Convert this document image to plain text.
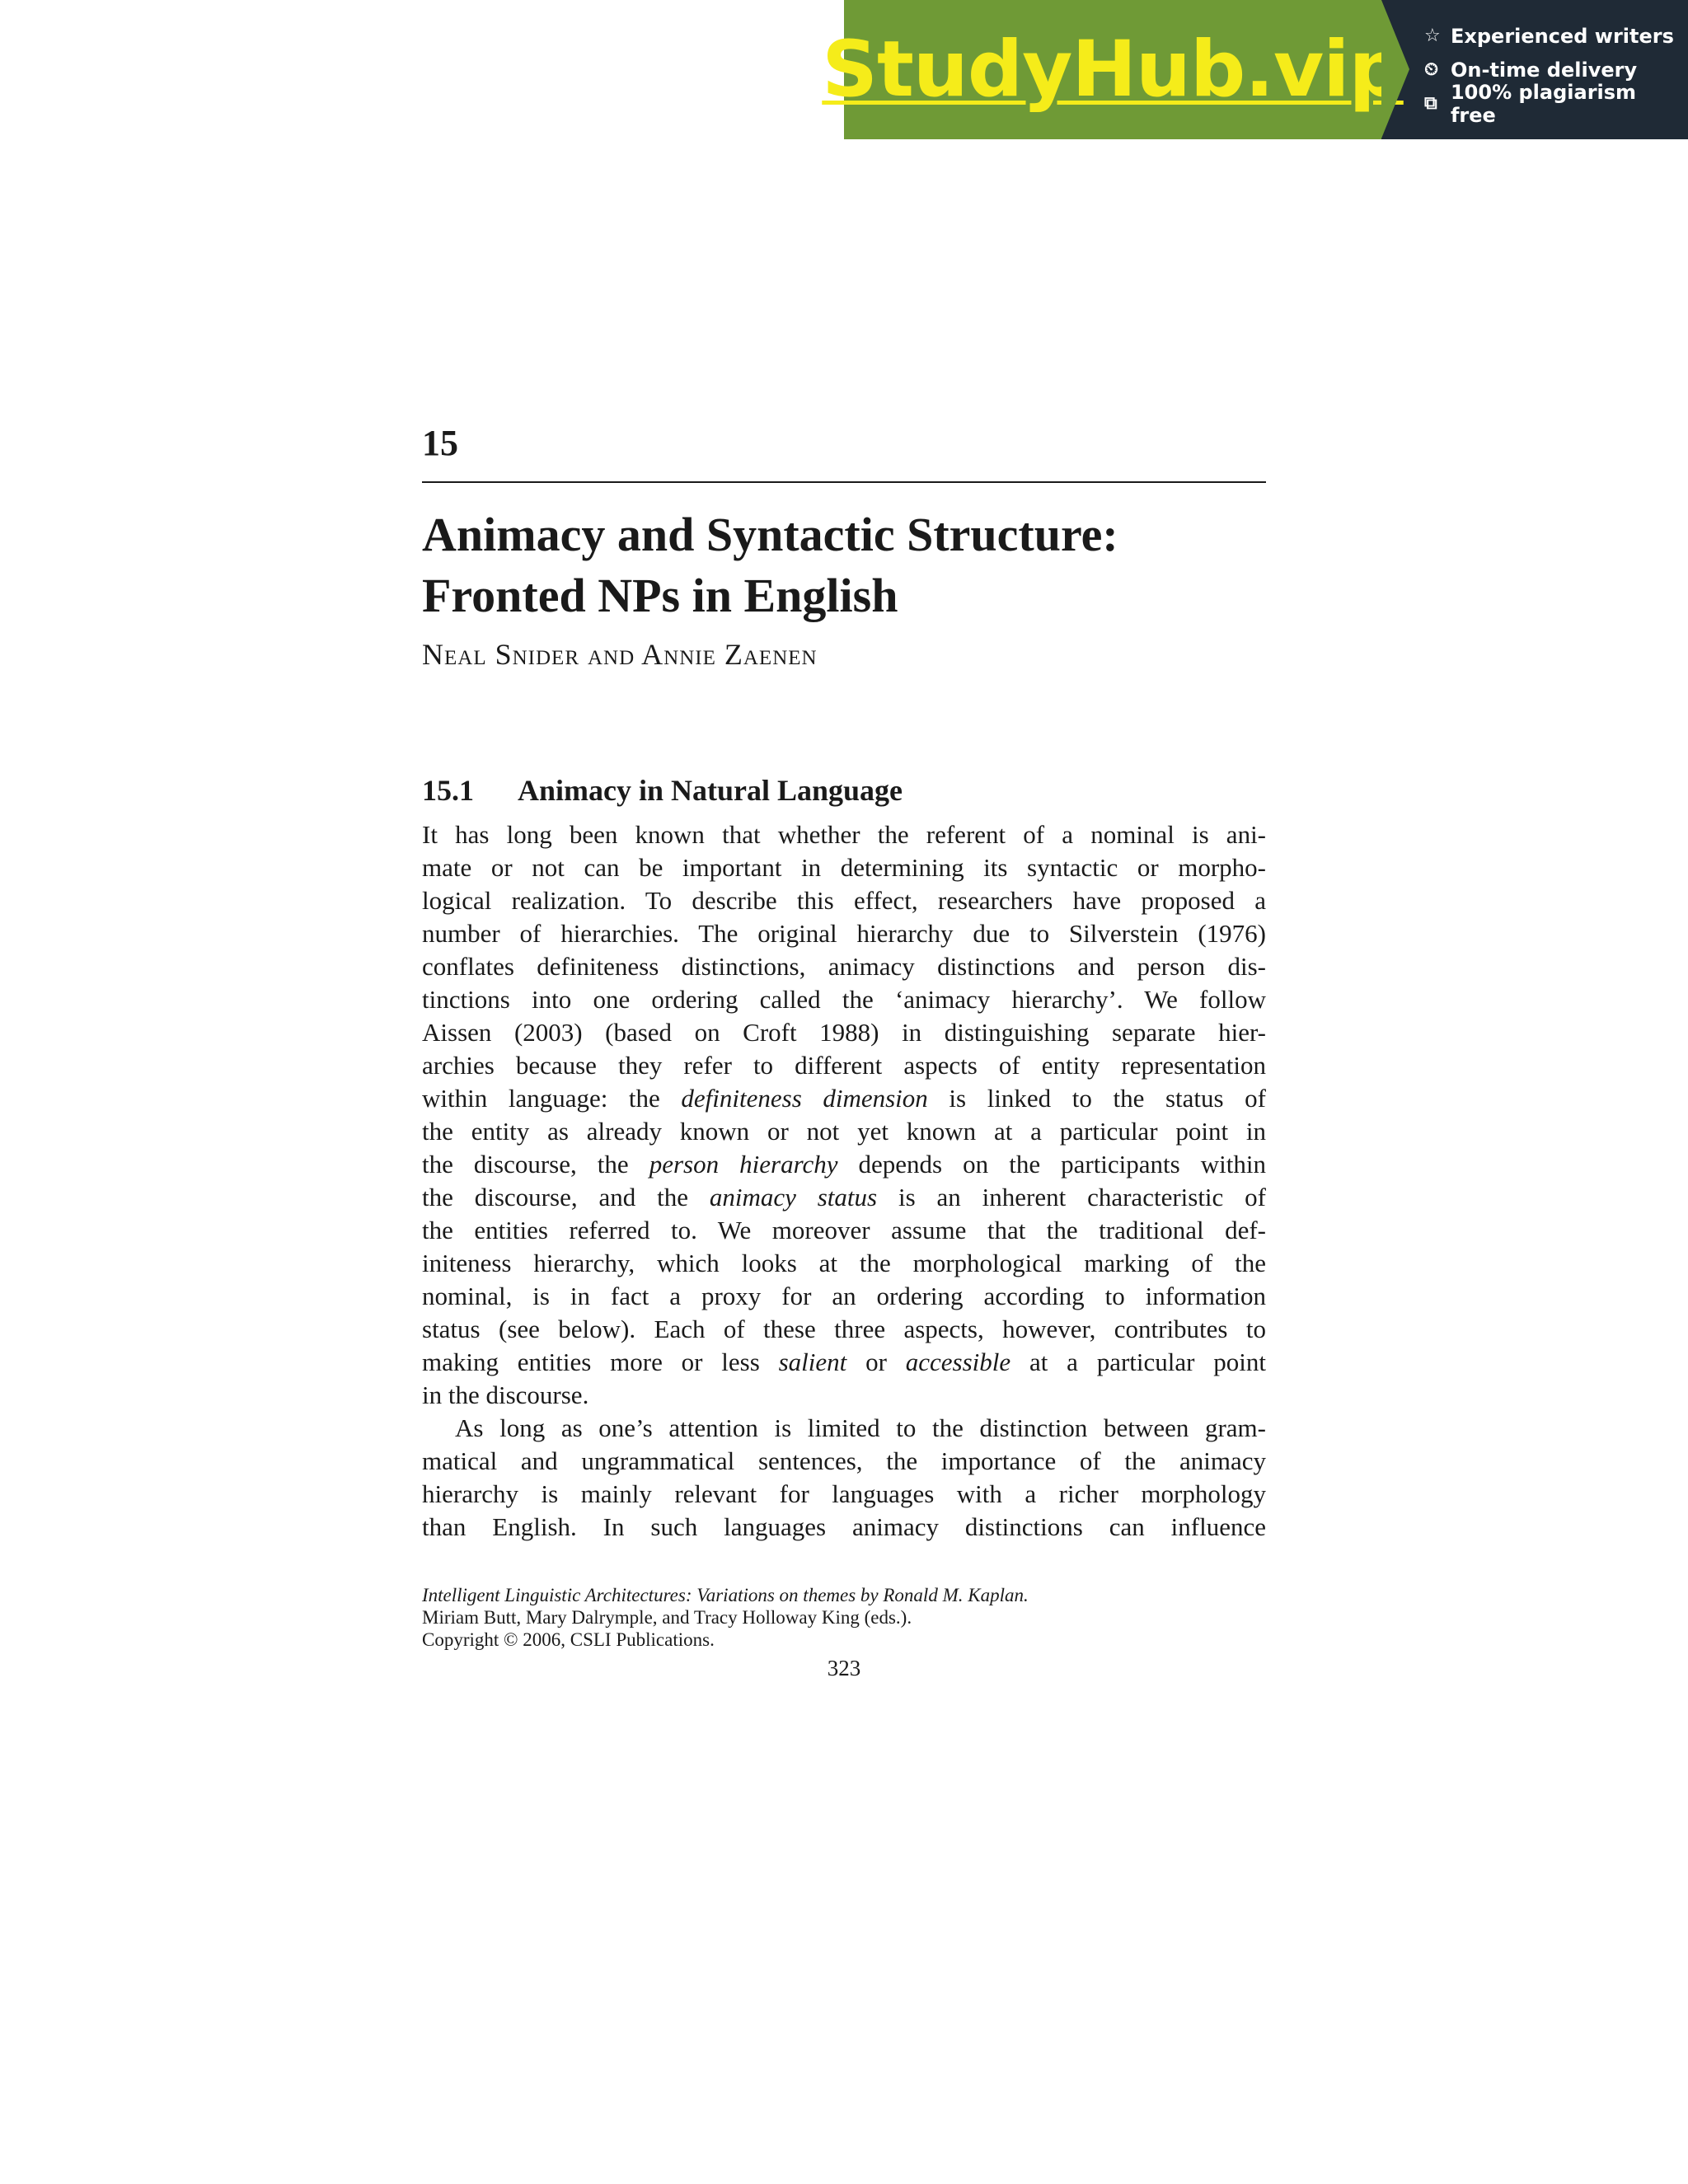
StudyHub.vip ☆ Experienced writers
⏲ On-time delivery
⧉ 100% plagiarism free
15
Animacy and Syntactic Structure:
Fronted NPs in English
Neal Snider and Annie Zaenen
15.1 Animacy in Natural Language
It has long been known that whether the referent of a nominal is ani-
mate or not can be important in determining its syntactic or morpho-
logical realization. To describe this effect, researchers have proposed a
number of hierarchies. The original hierarchy due to Silverstein (1976)
conflates definiteness distinctions, animacy distinctions and person dis-
tinctions into one ordering called the ‘animacy hierarchy’. We follow
Aissen (2003) (based on Croft 1988) in distinguishing separate hier-
archies because they refer to different aspects of entity representation
within language: the definiteness dimension is linked to the status of
the entity as already known or not yet known at a particular point in
the discourse, the person hierarchy depends on the participants within
the discourse, and the animacy status is an inherent characteristic of
the entities referred to. We moreover assume that the traditional def-
initeness hierarchy, which looks at the morphological marking of the
nominal, is in fact a proxy for an ordering according to information
status (see below). Each of these three aspects, however, contributes to
making entities more or less salient or accessible at a particular point
in the discourse.
As long as one’s attention is limited to the distinction between gram-
matical and ungrammatical sentences, the importance of the animacy
hierarchy is mainly relevant for languages with a richer morphology
than English. In such languages animacy distinctions can influence
Intelligent Linguistic Architectures: Variations on themes by Ronald M. Kaplan.
Miriam Butt, Mary Dalrymple, and Tracy Holloway King (eds.).
Copyright © 2006, CSLI Publications.
323
